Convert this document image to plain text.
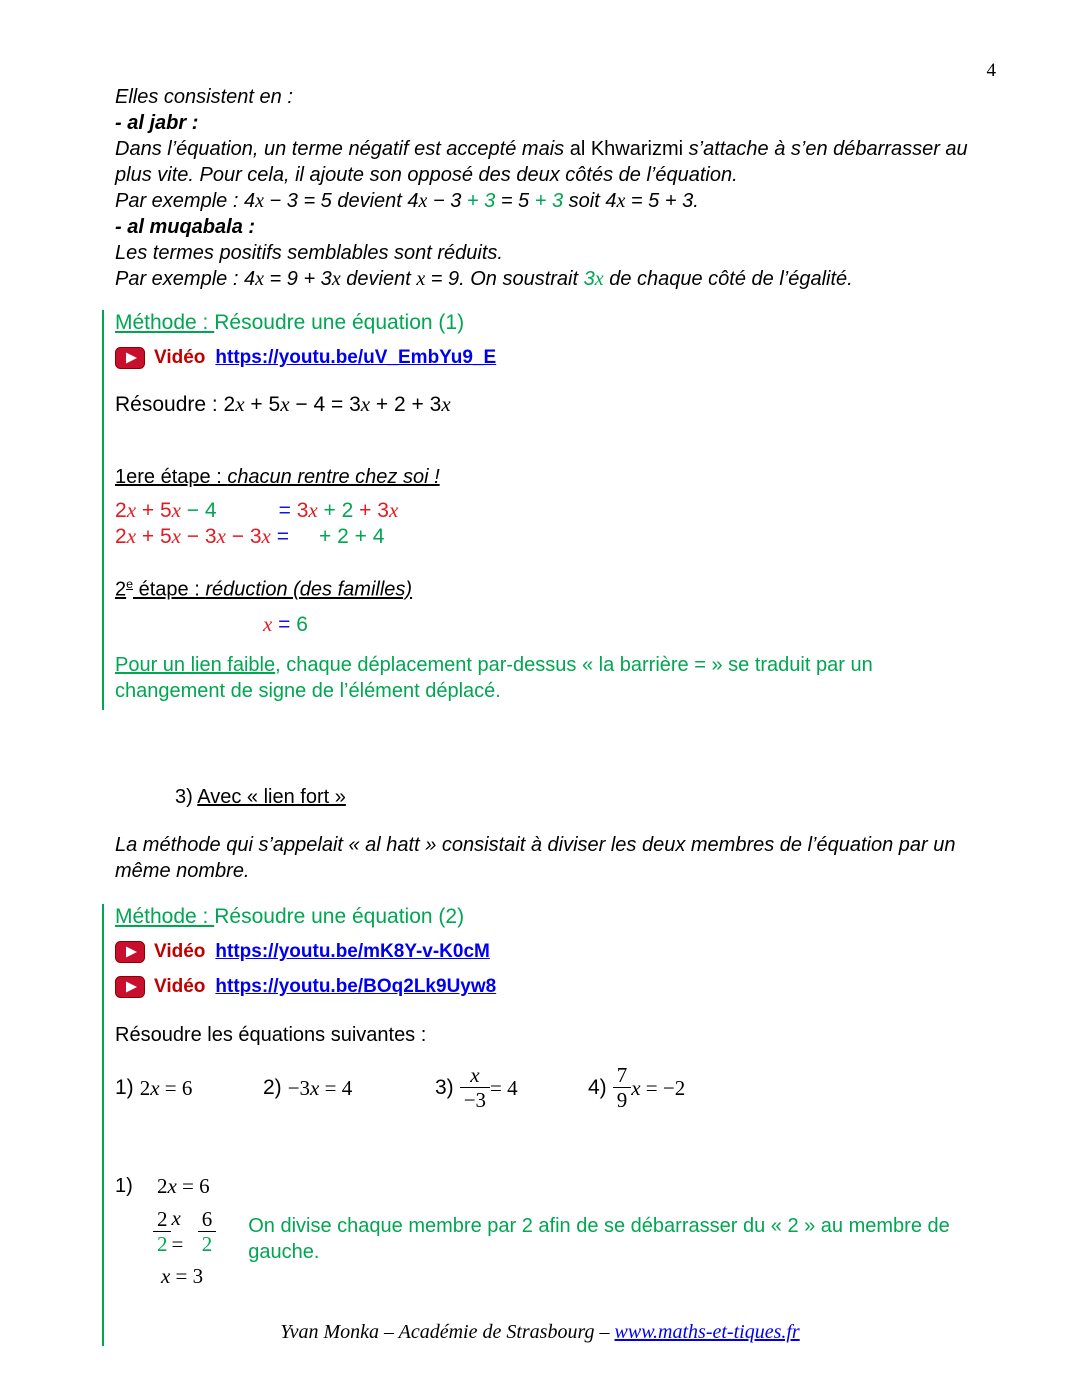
4

Elles consistent en :

- al jabr :

Dans l’équation, un terme négatif est accepté mais al Khwarizmi s’attache à s’en débarrasser au plus vite. Pour cela, il ajoute son opposé des deux côtés de l’équation.

Par exemple : 4x − 3 = 5 devient 4x − 3 + 3 = 5 + 3 soit 4x = 5 + 3.

- al muqabala :

Les termes positifs semblables sont réduits.

Par exemple : 4x = 9 + 3x devient x = 9. On soustrait 3x de chaque côté de l’égalité.

Méthode : Résoudre une équation (1)
Vidéo https://youtu.be/uV_EmbYu9_E
Résoudre : 2x + 5x − 4 = 3x + 2 + 3x
1ere étape : chacun rentre chez soi !
2x + 5x − 4	= 3x + 2 + 3x
2x + 5x − 3x − 3x = + 2 + 4
2e étape : réduction (des familles)
x = 6
Pour un lien faible, chaque déplacement par-dessus « la barrière = » se traduit par un changement de signe de l’élément déplacé.
3) Avec « lien fort »

La méthode qui s’appelait « al hatt » consistait à diviser les deux membres de l’équation par un même nombre.

Méthode : Résoudre une équation (2)
Vidéo https://youtu.be/mK8Y-v-K0cM
Vidéo https://youtu.be/BOq2Lk9Uyw8
Résoudre les équations suivantes :
1) 2x = 6	2) −3x = 4	$3) \frac{x}{-3} = 4$	$4) \frac{7}{9}$ x = −2
1)	2x = 6
$\frac{2}{2}$ $x = \frac{6}{2}$
x = 3
On divise chaque membre par 2 afin de se débarrasser du « 2 » au membre de gauche.
Yvan Monka – Académie de Strasbourg – www.maths-et-tiques.fr
